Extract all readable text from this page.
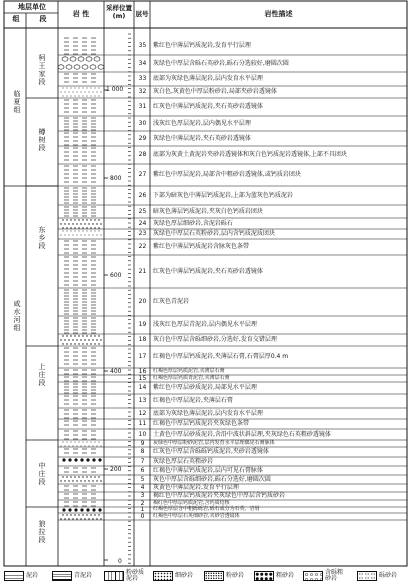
地层单位
组	段
岩 性
采样位置
(m)	层号	岩性描述
临夏组
咸水河组
柯王家段
樽树段
东乡段
上庄段
中庄段
狼拉段
1 000
800
600
400
200
0
35	紫红色中薄层钙质泥岩,发育平行层理
34	灰绿色中厚层含砾石英砂岩,砾石分选较好,磨圆次圆
33	底部为灰绿色薄层泥岩,层内发育水平层理
32	灰白色,灰黄色中厚层粉砂岩,局部夹砂岩透镜体
31	红灰色中薄层钙质泥岩,夹石英砂岩透镜体
30	浅灰红色厚层泥岩,层内偶见水平层理
29	灰绿色中薄层泥岩,夹石英砂岩透镜体
28	底部为灰黄土黄泥岩夹砂岩透镜体和灰白色钙质泥岩透镜体,上部不具团块
27	紫红色中厚层泥岩,局部含中粗砂岩透镜体,或钙质岩团块
26	下部为暗灰色中薄层钙质泥岩,上部为蓝灰色钙质泥岩
25	暗灰色薄层钙质泥岩,夹灰白色钙质岩团块
24	灰绿色厚层细砂岩,含泥岩砾石
23	灰绿色中厚层石英粉砂岩,层内含钙质泥质团块
22	紫红色中薄层钙质泥岩含脉灰色条带
21	红灰色中薄层钙质泥岩,夹石英砂岩透镜体
20	红灰色青泥岩
19	浅灰红色厚层青泥岩,层内偶见水平层理
18	灰白色中厚层含砾细砂岩,分选好,发育交错层理
17	红褐色中厚层钙质泥岩,夹薄层石膏,石膏层厚0.4 m
16	红褐色厚层钙质泥岩,夹薄层石膏
15	红褐色厚层钙质青泥岩,夹薄层石膏
14	紫红色中厚层砂质泥岩,局部见水平层理
13	红褐色中厚层泥岩,夹薄层石膏
12	底部为灰绿色薄层泥岩,层内发育水平层理
11	红褐色中厚层钙质泥岩夹灰绿色条带
10	土黄色中厚层砂质泥岩,含沿中波状斜层理,夹灰绿色石英粗砂透镜体
9	灰绿色中厚层粉砂泥岩,层内发育水平层理偶见石膏脉体
8	红灰色中厚层含砾砾钙质泥岩,夹砂岩透镜体
7	灰绿色厚层石英粗砂岩
6	红褐色中薄层钙质泥岩,层内可见石膏脉体
5	灰色中厚层含砾细砂岩,砾石分选好,磨圆次圆
4	灰黄色中薄层泥岩,发育平行层理
3	褐红色中厚层钙质泥岩夹灰绿色中厚层含钙质砂岩
2	褐红色中厚层钙质泥岩,含钙质结核
1	红褐色厚层含中粗砾砾岩,砾石成分为石英、岩屑
0	红褐色中厚层石英细砂岩,夹砂岩透镜体
泥岩	青泥岩	粉砂质
泥岩	细砂岩	粉砂岩	粗砂岩	含砾粗
砂岩	砾砂岩
